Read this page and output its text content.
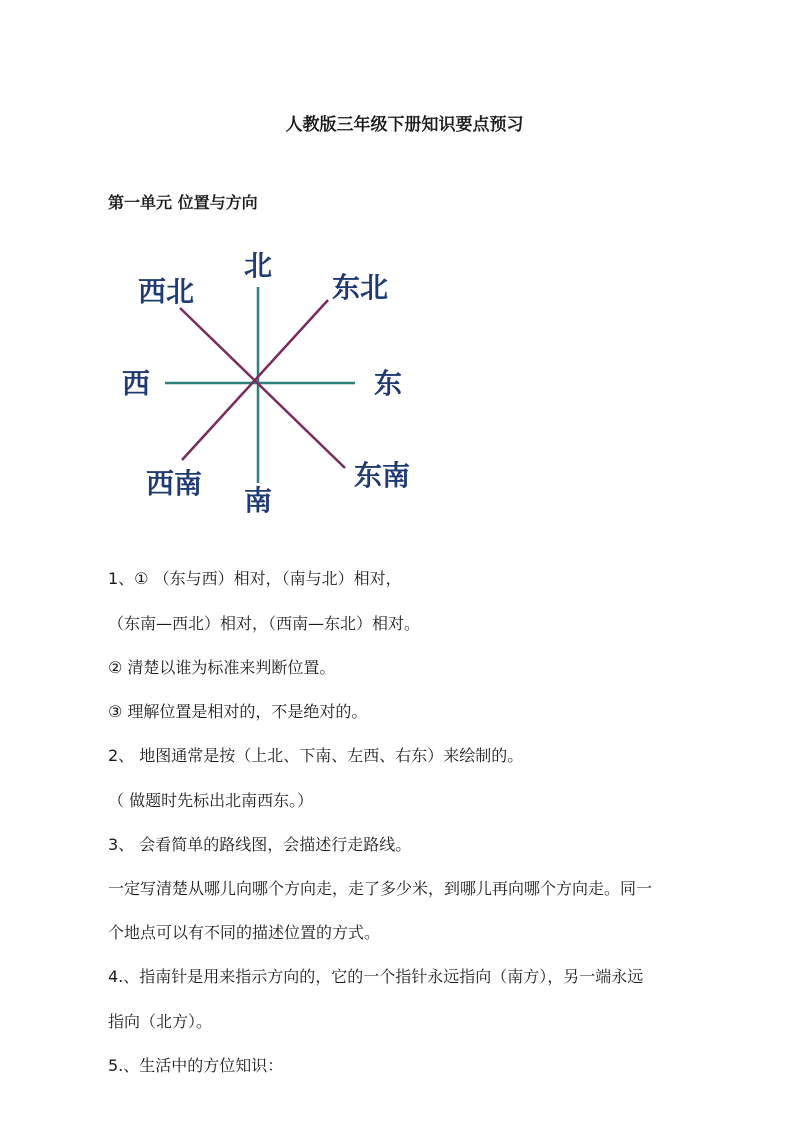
人教版三年级下册知识要点预习
第一单元 位置与方向
北
东北
东
东南
南
西南
西
西北
1、① （东与西）相对，（南与北）相对，
（东南—西北）相对，（西南—东北）相对。
② 清楚以谁为标准来判断位置。
③ 理解位置是相对的，不是绝对的。
2、 地图通常是按（上北、下南、左西、右东）来绘制的。
（ 做题时先标出北南西东。）
3、 会看简单的路线图，会描述行走路线。
一定写清楚从哪儿向哪个方向走，走了多少米，到哪儿再向哪个方向走。同一
个地点可以有不同的描述位置的方式。
4.、指南针是用来指示方向的，它的一个指针永远指向（南方），另一端永远
指向（北方）。
5.、生活中的方位知识：
